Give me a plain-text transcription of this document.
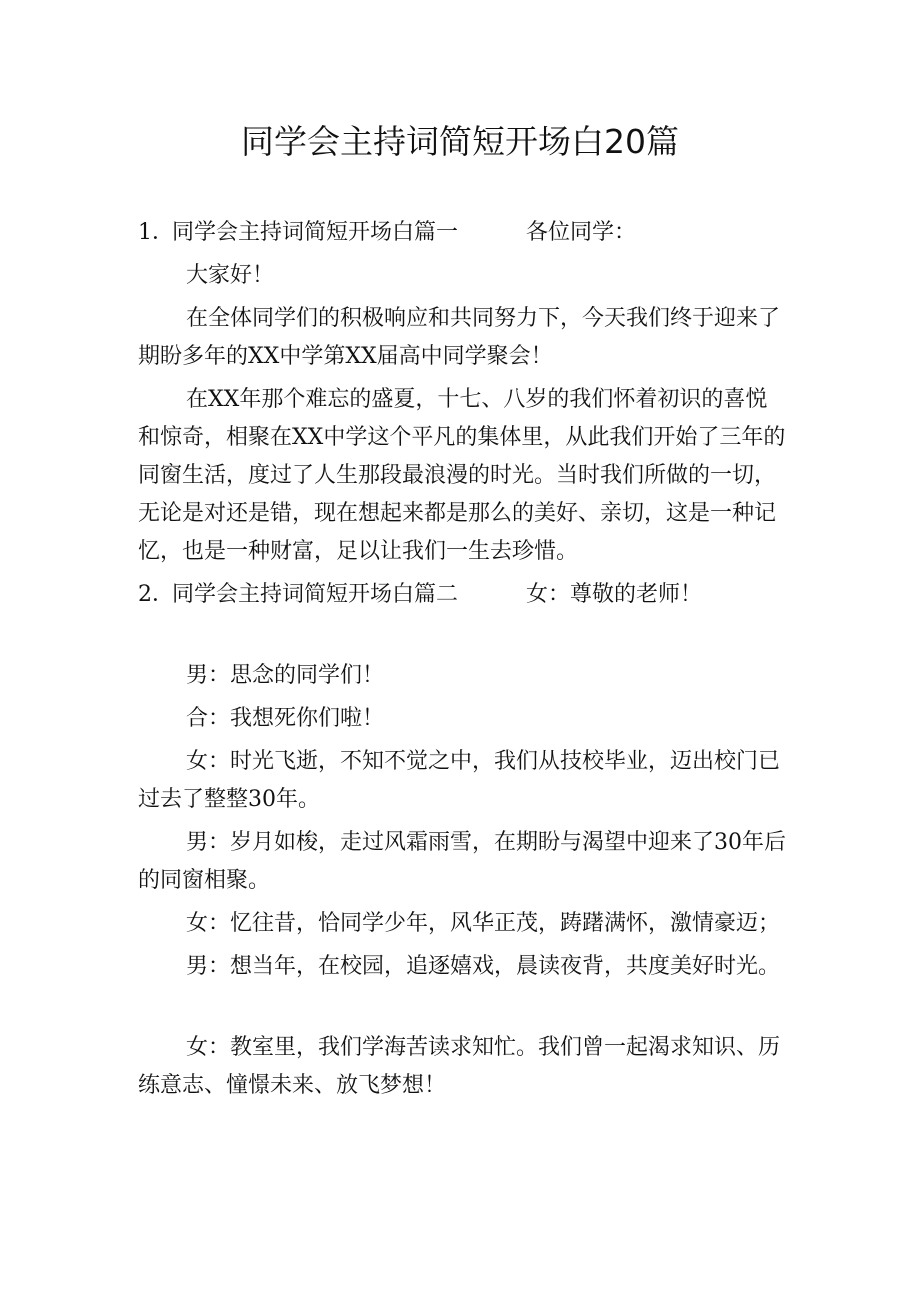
同学会主持词简短开场白20篇
1．同学会主持词简短开场白篇一	各位同学：

大家好！

在全体同学们的积极响应和共同努力下，今天我们终于迎来了期盼多年的XX中学第XX届高中同学聚会！

在XX年那个难忘的盛夏，十七、八岁的我们怀着初识的喜悦和惊奇，相聚在XX中学这个平凡的集体里，从此我们开始了三年的同窗生活，度过了人生那段最浪漫的时光。当时我们所做的一切，无论是对还是错，现在想起来都是那么的美好、亲切，这是一种记忆，也是一种财富，足以让我们一生去珍惜。

2．同学会主持词简短开场白篇二	女：尊敬的老师！

男：思念的同学们！

合：我想死你们啦！

女：时光飞逝，不知不觉之中，我们从技校毕业，迈出校门已过去了整整30年。

男：岁月如梭，走过风霜雨雪，在期盼与渴望中迎来了30年后的同窗相聚。

女：忆往昔，恰同学少年，风华正茂，踌躇满怀，激情豪迈；

男：想当年，在校园，追逐嬉戏，晨读夜背，共度美好时光。

女：教室里，我们学海苦读求知忙。我们曾一起渴求知识、历练意志、憧憬未来、放飞梦想！
